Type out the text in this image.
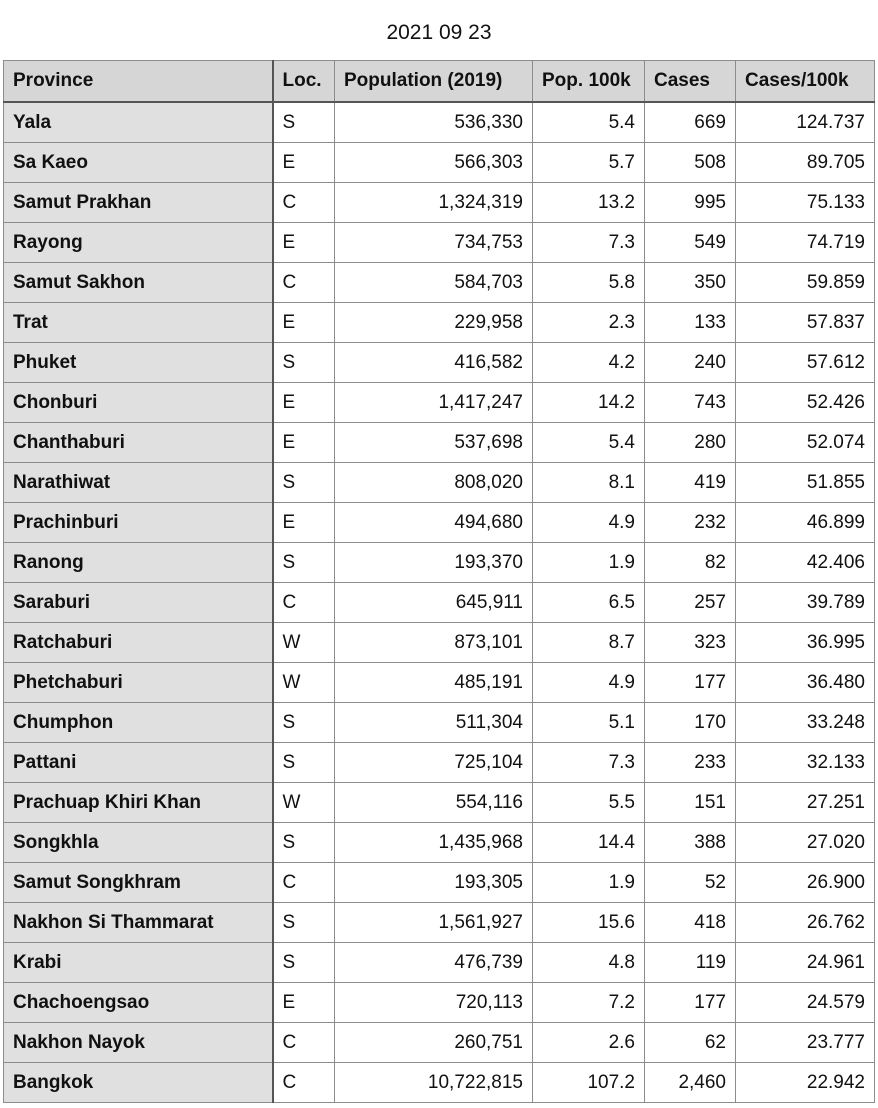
2021 09 23
Province	Loc.	Population (2019)	Pop. 100k	Cases	Cases/100k
Yala	S	536,330	5.4	669	124.737
Sa Kaeo	E	566,303	5.7	508	89.705
Samut Prakhan	C	1,324,319	13.2	995	75.133
Rayong	E	734,753	7.3	549	74.719
Samut Sakhon	C	584,703	5.8	350	59.859
Trat	E	229,958	2.3	133	57.837
Phuket	S	416,582	4.2	240	57.612
Chonburi	E	1,417,247	14.2	743	52.426
Chanthaburi	E	537,698	5.4	280	52.074
Narathiwat	S	808,020	8.1	419	51.855
Prachinburi	E	494,680	4.9	232	46.899
Ranong	S	193,370	1.9	82	42.406
Saraburi	C	645,911	6.5	257	39.789
Ratchaburi	W	873,101	8.7	323	36.995
Phetchaburi	W	485,191	4.9	177	36.480
Chumphon	S	511,304	5.1	170	33.248
Pattani	S	725,104	7.3	233	32.133
Prachuap Khiri Khan	W	554,116	5.5	151	27.251
Songkhla	S	1,435,968	14.4	388	27.020
Samut Songkhram	C	193,305	1.9	52	26.900
Nakhon Si Thammarat	S	1,561,927	15.6	418	26.762
Krabi	S	476,739	4.8	119	24.961
Chachoengsao	E	720,113	7.2	177	24.579
Nakhon Nayok	C	260,751	2.6	62	23.777
Bangkok	C	10,722,815	107.2	2,460	22.942
